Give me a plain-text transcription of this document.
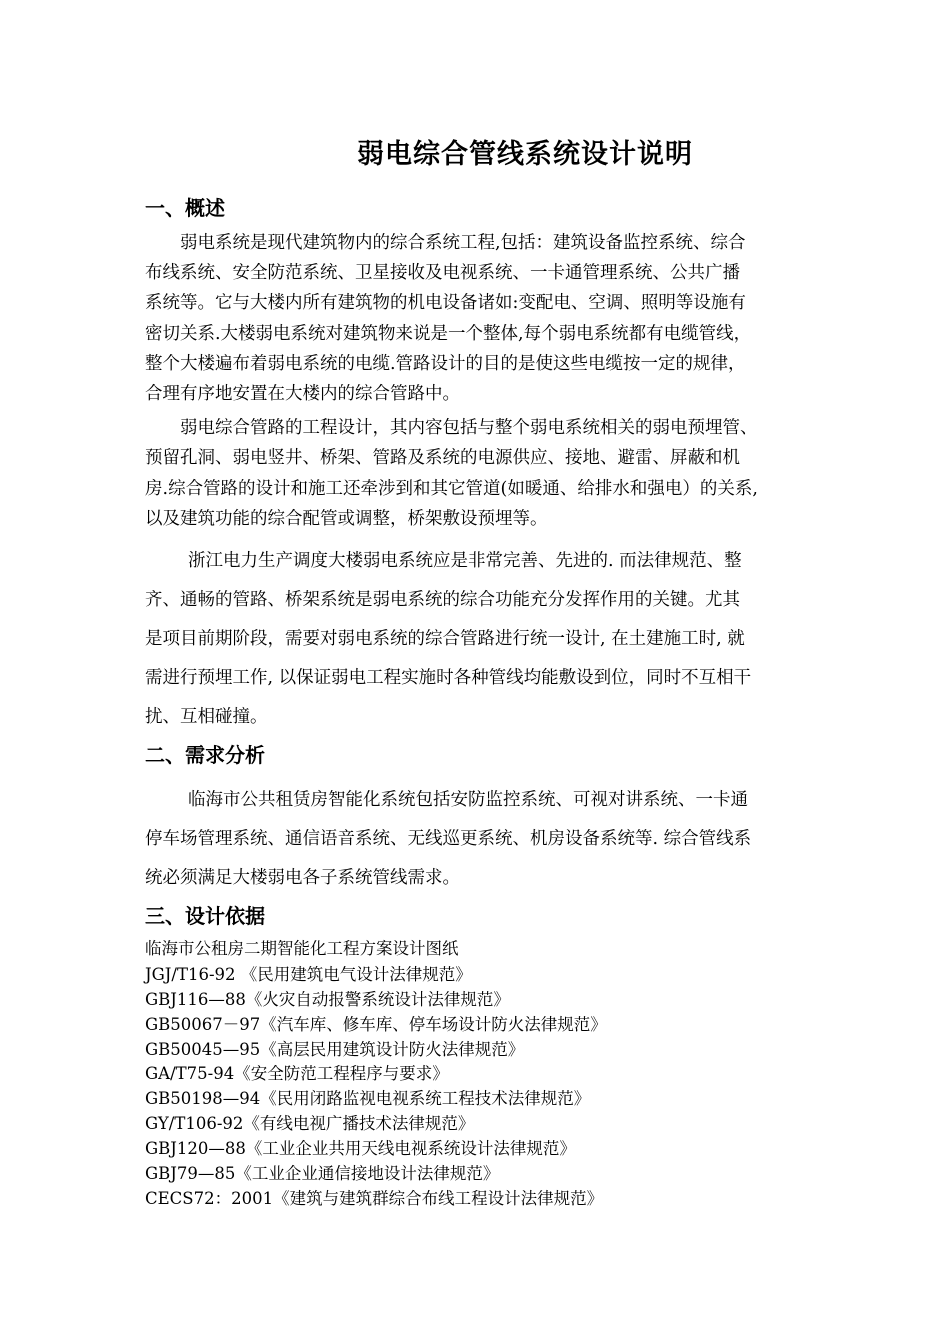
弱电综合管线系统设计说明
一、概述
弱电系统是现代建筑物内的综合系统工程,包括：建筑设备监控系统、综合
布线系统、安全防范系统、卫星接收及电视系统、一卡通管理系统、公共广播
系统等。它与大楼内所有建筑物的机电设备诸如:变配电、空调、照明等设施有
密切关系.大楼弱电系统对建筑物来说是一个整体,每个弱电系统都有电缆管线，
整个大楼遍布着弱电系统的电缆.管路设计的目的是使这些电缆按一定的规律，
合理有序地安置在大楼内的综合管路中。
弱电综合管路的工程设计，其内容包括与整个弱电系统相关的弱电预埋管、
预留孔洞、弱电竖井、桥架、管路及系统的电源供应、接地、避雷、屏蔽和机
房.综合管路的设计和施工还牵涉到和其它管道(如暖通、给排水和强电）的关系,
以及建筑功能的综合配管或调整，桥架敷设预埋等。
浙江电力生产调度大楼弱电系统应是非常完善、先进的. 而法律规范、整
齐、通畅的管路、桥架系统是弱电系统的综合功能充分发挥作用的关键。尤其
是项目前期阶段，需要对弱电系统的综合管路进行统一设计, 在土建施工时, 就
需进行预埋工作, 以保证弱电工程实施时各种管线均能敷设到位，同时不互相干
扰、互相碰撞。
二、需求分析
临海市公共租赁房智能化系统包括安防监控系统、可视对讲系统、一卡通
停车场管理系统、通信语音系统、无线巡更系统、机房设备系统等. 综合管线系
统必须满足大楼弱电各子系统管线需求。
三、设计依据
临海市公租房二期智能化工程方案设计图纸
JGJ/T16-92 《民用建筑电气设计法律规范》
GBJ116—88《火灾自动报警系统设计法律规范》
GB50067－97《汽车库、修车库、停车场设计防火法律规范》
GB50045—95《高层民用建筑设计防火法律规范》
GA/T75-94《安全防范工程程序与要求》
GB50198—94《民用闭路监视电视系统工程技术法律规范》
GY/T106-92《有线电视广播技术法律规范》
GBJ120—88《工业企业共用天线电视系统设计法律规范》
GBJ79—85《工业企业通信接地设计法律规范》
CECS72：2001《建筑与建筑群综合布线工程设计法律规范》
